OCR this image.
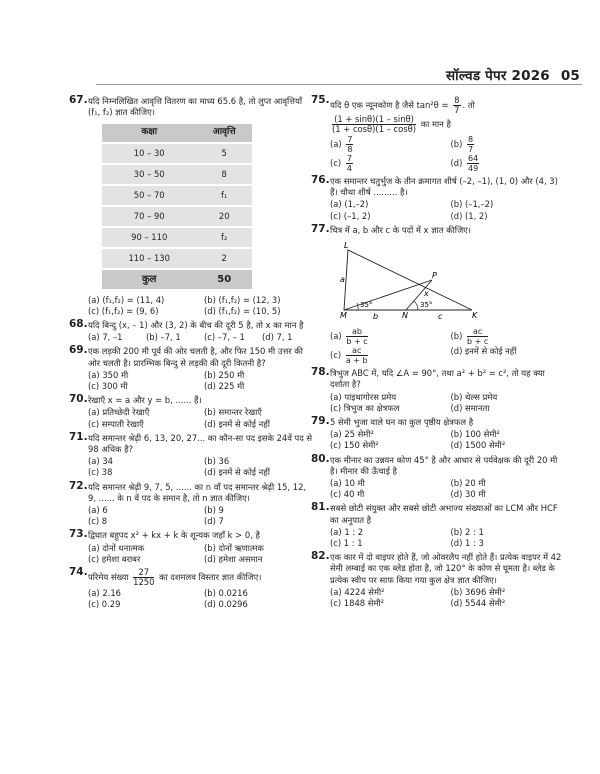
सॉल्वड पेपर 2026 05
67. यदि निम्नलिखित आवृत्ति वितरण का माध्य 65.6 है, तो लुप्त आवृत्तियाँ (f₁, f₂) ज्ञात कीजिए।

कक्षा	आवृत्ति
10 – 30	5
30 – 50	8
50 – 70	f₁
70 – 90	20
90 – 110	f₂
110 – 130	2
कुल	50
(a) (f₁,f₂) = (11, 4)	(b) (f₁,f₂) = (12, 3)
(c) (f₁,f₂) = (9, 6)	(d) (f₁,f₂) = (10, 5)
68. यदि बिन्दु (x, – 1) और (3, 2) के बीच की दूरी 5 है, तो x का मान है

(a) 7, –1	(b) –7, 1	(c) –7, – 1	(d) 7, 1
69. एक लड़की 200 मी पूर्व की ओर चलती है, और फिर 150 मी उत्तर की ओर चलती है। प्रारम्भिक बिन्दु से लड़की की दूरी कितनी है?

(a) 350 मी	(b) 250 मी
(c) 300 मी	(d) 225 मी
70. रेखाएँ x = a और y = b, ...... हैं।

(a) प्रतिच्छेदी रेखाएँ	(b) समान्तर रेखाएँ
(c) सम्पाती रेखाएँ	(d) इनमें से कोई नहीं
71. यदि समान्तर श्रेढ़ी 6, 13, 20, 27... का कौन-सा पद इसके 24वें पद से 98 अधिक है?

(a) 34	(b) 36
(c) 38	(d) इनमें से कोई नहीं
72. यदि समान्तर श्रेढ़ी 9, 7, 5, ...... का n वाँ पद समान्तर श्रेढ़ी 15, 12, 9, ...... के n वें पद के समान है, तो n ज्ञात कीजिए।

(a) 6	(b) 9
(c) 8	(d) 7
73. द्विघात बहुपद x² + kx + k के शून्यक जहाँ k > 0, है

(a) दोनों धनात्मक	(b) दोनों ऋणात्मक
(c) हमेशा बराबर	(d) हमेशा असमान
74. परिमेय संख्या $\frac{27}{1250}$ का दशमलव विस्तार ज्ञात कीजिए।

(a) 2.16	(b) 0.0216
(c) 0.29	(d) 0.0296
75. यदि θ एक न्यूनकोण है जैसे $\tan^2\theta = \frac{8}{7}$ . तो

$\frac{(1 + \sin\theta)(1 - \sin\theta)}{(1 + \cos\theta)(1 - \cos\theta)}$ का मान है

$(a) \frac{7}{8}$	$(b) \frac{8}{7}$
$(c) \frac{7}{4}$	$(d) \frac{64}{49}$
76. एक समान्तर चतुर्भुज के तीन क्रमागत शीर्ष (–2, –1), (1, 0) और (4, 3) हैं। चौथा शीर्ष ......... है।

(a) (1,–2)	(b) (–1,–2)
(c) (–1, 2)	(d) (1, 2)
77. चित्र में a, b और c के पदों में x ज्ञात कीजिए।

L
P
M	N	K
a
b	c
x
35°	35°
$(a) \frac{ab}{b + c}$	$(b) \frac{ac}{b + c}$
$(c) \frac{ac}{a + b}$	(d) इनमें से कोई नहीं
78. त्रिभुज ABC में, यदि ∠A = 90°, तथा a² + b² = c², तो यह क्या दर्शाता है?

(a) पाइथागोरस प्रमेय	(b) थेल्स प्रमेय
(c) त्रिभुज का क्षेत्रफल	(d) समानता
79. 5 सेमी भुजा वाले घन का कुल पृष्ठीय क्षेत्रफल है

(a) 25 सेमी²	(b) 100 सेमी²
(c) 150 सेमी²	(d) 1500 सेमी²
80. एक मीनार का उन्नयन कोण 45° है और आधार से पर्यवेक्षक की दूरी 20 मी है। मीनार की ऊँचाई है

(a) 10 मी	(b) 20 मी
(c) 40 मी	(d) 30 मी
81. सबसे छोटी संयुक्त और सबसे छोटी अभाज्य संख्याओं का LCM और HCF का अनुपात है

(a) 1 : 2	(b) 2 : 1
(c) 1 : 1	(d) 1 : 3
82. एक कार में दो वाइपर होते हैं, जो ओवरलैप नहीं होते हैं। प्रत्येक वाइपर में 42 सेमी लम्बाई का एक ब्लेड होता है, जो 120° के कोण से घूमता है। ब्लेड के प्रत्येक स्वीप पर साफ किया गया कुल क्षेत्र ज्ञात कीजिए।

(a) 4224 सेमी²	(b) 3696 सेमी²
(c) 1848 सेमी²	(d) 5544 सेमी²
